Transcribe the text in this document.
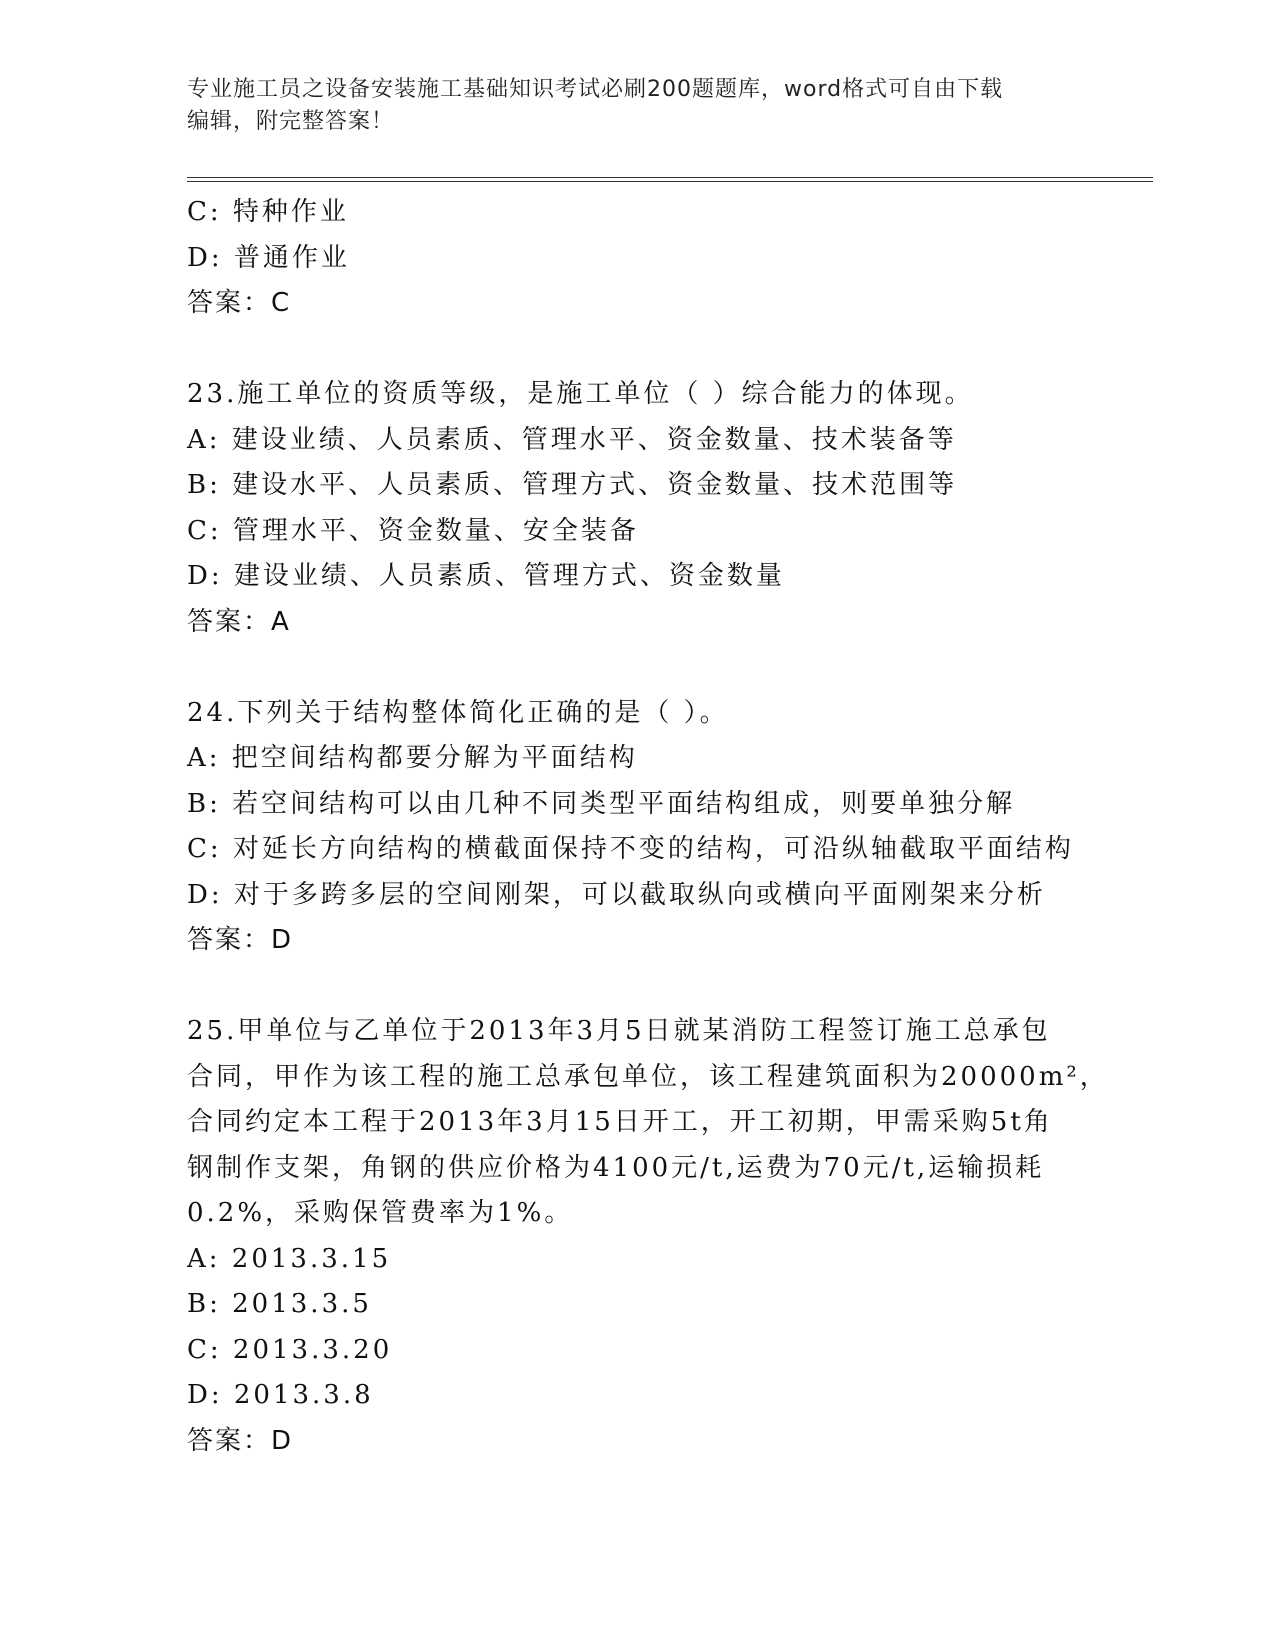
专业施工员之设备安装施工基础知识考试必刷200题题库，word格式可自由下载
编辑，附完整答案！
C: 特种作业
D: 普通作业
答案：C
23.施工单位的资质等级，是施工单位（ ）综合能力的体现。
A: 建设业绩、人员素质、管理水平、资金数量、技术装备等
B: 建设水平、人员素质、管理方式、资金数量、技术范围等
C: 管理水平、资金数量、安全装备
D: 建设业绩、人员素质、管理方式、资金数量
答案：A
24.下列关于结构整体简化正确的是（ ）。
A: 把空间结构都要分解为平面结构
B: 若空间结构可以由几种不同类型平面结构组成，则要单独分解
C: 对延长方向结构的横截面保持不变的结构，可沿纵轴截取平面结构
D: 对于多跨多层的空间刚架，可以截取纵向或横向平面刚架来分析
答案：D
25.甲单位与乙单位于2013年3月5日就某消防工程签订施工总承包
合同，甲作为该工程的施工总承包单位，该工程建筑面积为20000m²，
合同约定本工程于2013年3月15日开工，开工初期，甲需采购5t角
钢制作支架，角钢的供应价格为4100元/t,运费为70元/t,运输损耗
0.2%，采购保管费率为1%。
A: 2013.3.15
B: 2013.3.5
C: 2013.3.20
D: 2013.3.8
答案：D
